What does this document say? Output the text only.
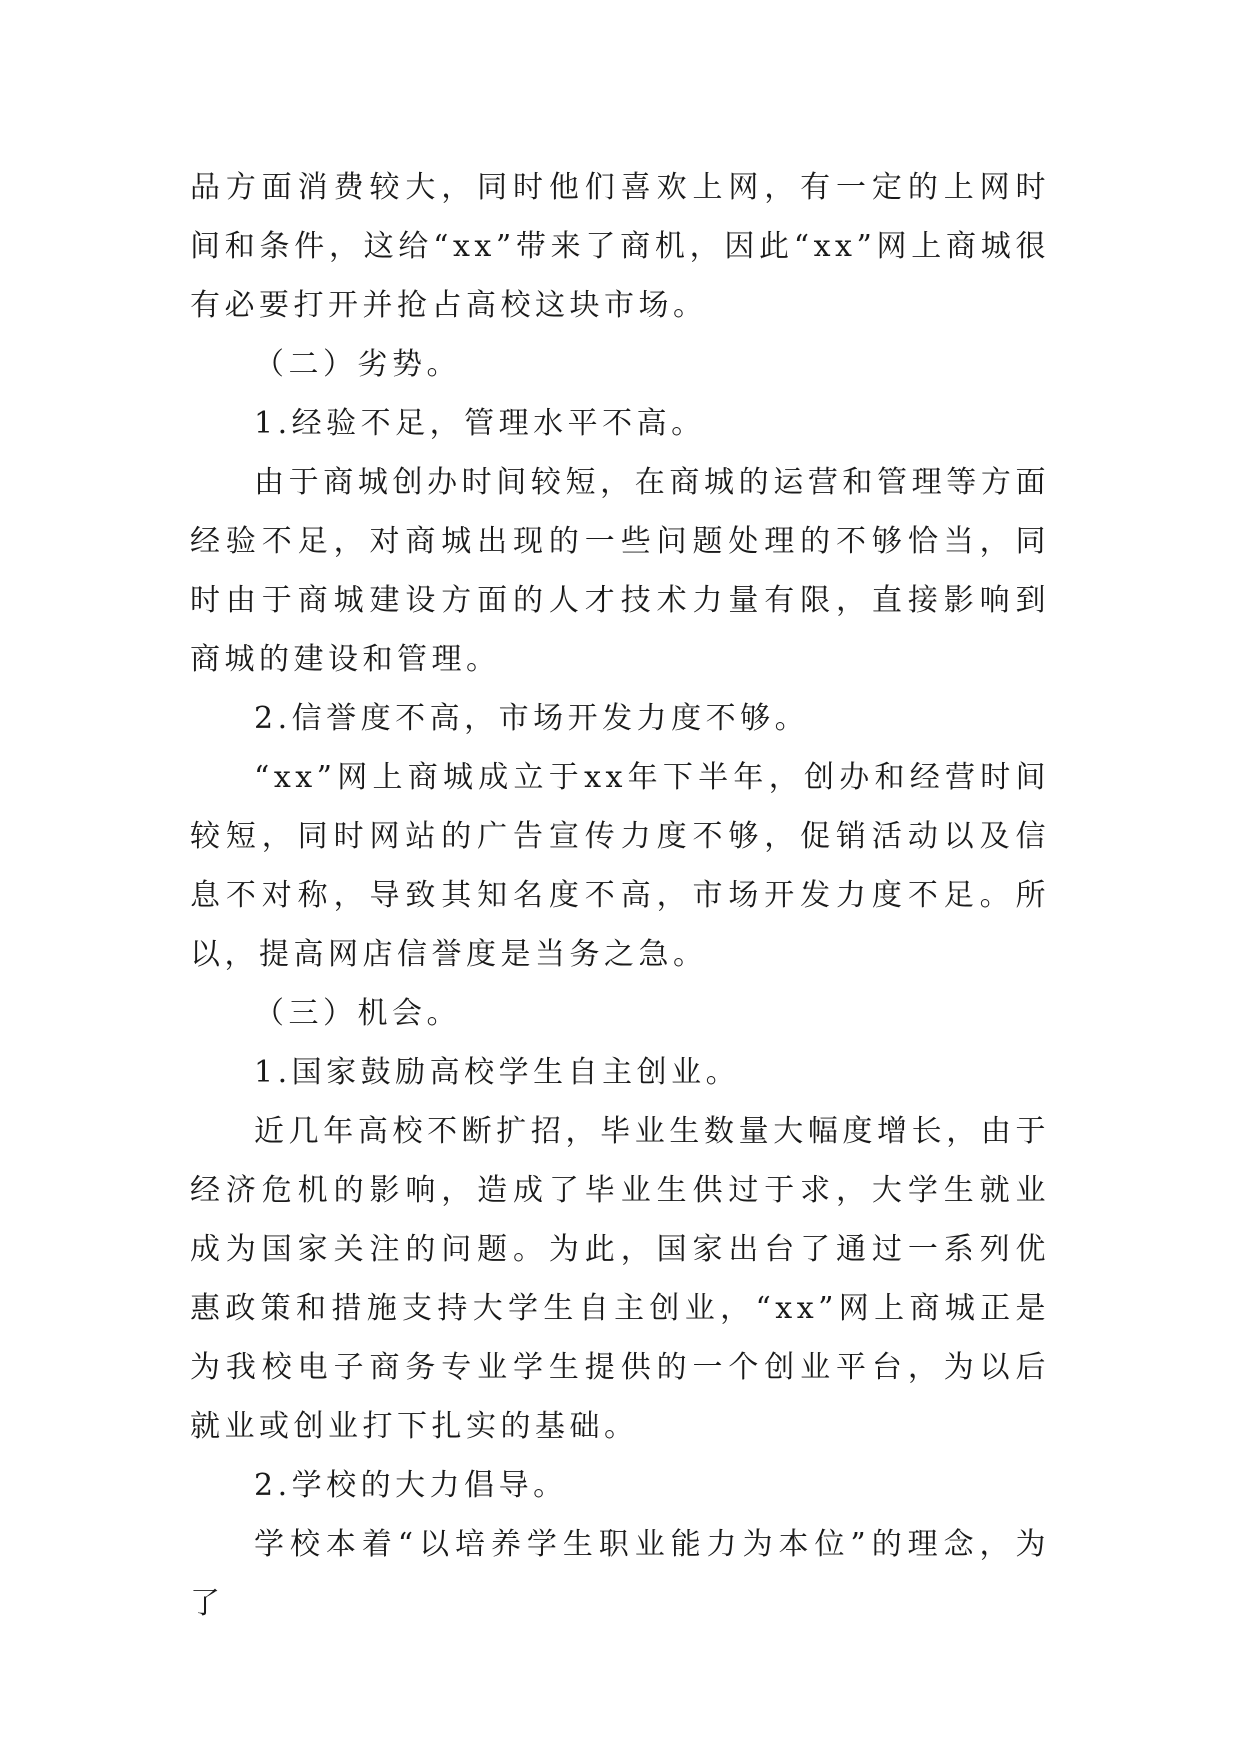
品方面消费较大，同时他们喜欢上网，有一定的上网时间和条件，这给“xx”带来了商机，因此“xx”网上商城很有必要打开并抢占高校这块市场。

（二）劣势。

1.经验不足，管理水平不高。

由于商城创办时间较短，在商城的运营和管理等方面经验不足，对商城出现的一些问题处理的不够恰当，同时由于商城建设方面的人才技术力量有限，直接影响到商城的建设和管理。

2.信誉度不高，市场开发力度不够。

“xx”网上商城成立于xx年下半年，创办和经营时间较短，同时网站的广告宣传力度不够，促销活动以及信息不对称，导致其知名度不高，市场开发力度不足。所以，提高网店信誉度是当务之急。

（三）机会。

1.国家鼓励高校学生自主创业。

近几年高校不断扩招，毕业生数量大幅度增长，由于经济危机的影响，造成了毕业生供过于求，大学生就业成为国家关注的问题。为此，国家出台了通过一系列优惠政策和措施支持大学生自主创业，“xx”网上商城正是为我校电子商务专业学生提供的一个创业平台，为以后就业或创业打下扎实的基础。

2.学校的大力倡导。

学校本着“以培养学生职业能力为本位”的理念，为了
